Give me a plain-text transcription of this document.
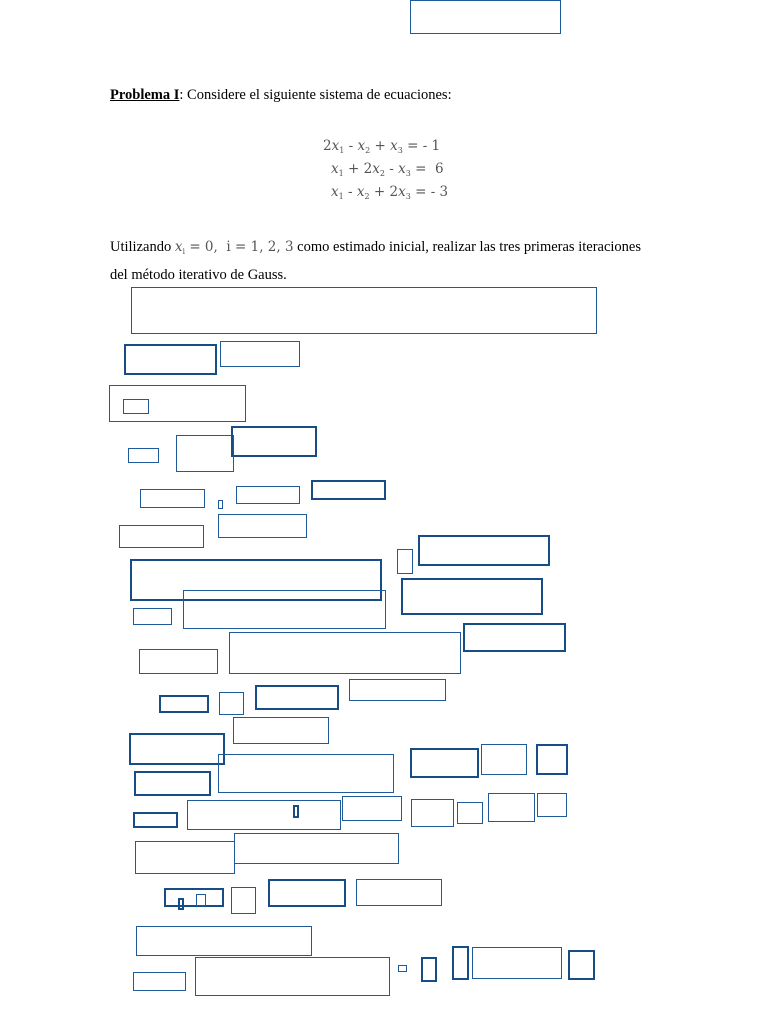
Problema I: Considere el siguiente sistema de ecuaciones:
$2x_1 - x_2 + x_3$ = - 1
$x_1 + 2x_2 - x_3 = 6$
$x_1 - x_2 + 2x_3$ = - 3
Utilizando $x_i = 0$,  i = 1, 2, 3 como estimado inicial, realizar las tres primeras iteraciones
del método iterativo de Gauss.
